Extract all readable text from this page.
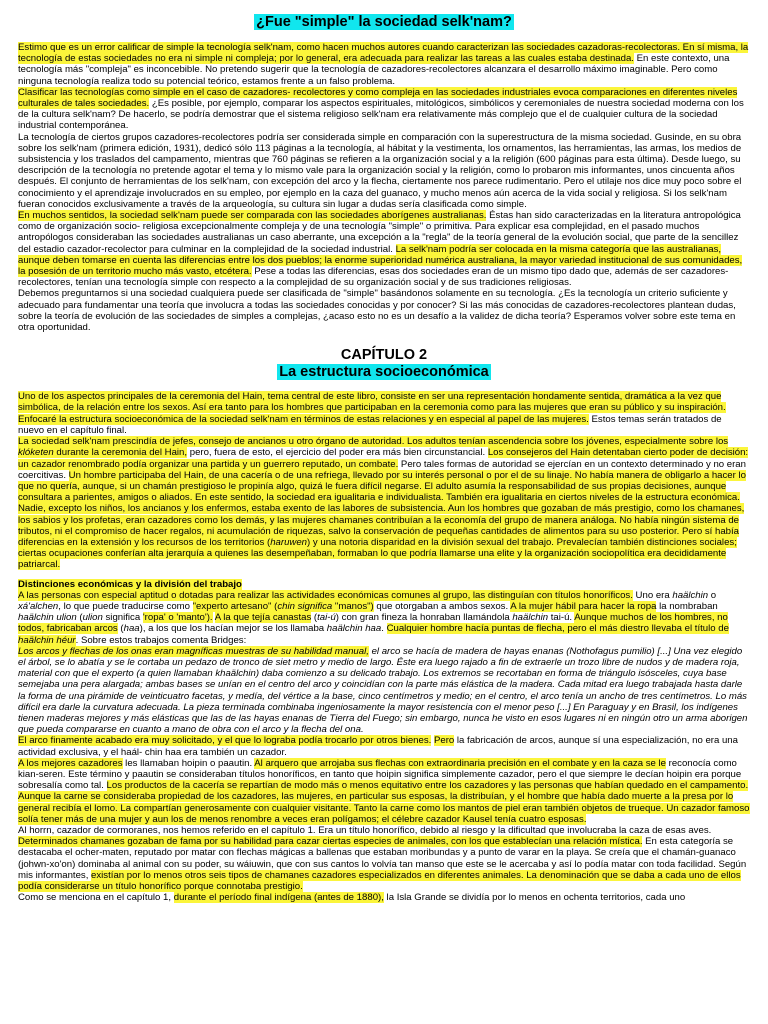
¿Fue "simple" la sociedad selk'nam?

Estimo que es un error calificar de simple la tecnología selk'nam, como hacen muchos autores cuando caracterizan las sociedades cazadoras-recolectoras. En sí misma, la tecnología de estas sociedades no era ni simple ni compleja; por lo general, era adecuada para realizar las tareas a las cuales estaba destinada. En este contexto, una tecnología más "compleja" es inconcebible. No pretendo sugerir que la tecnología de cazadores-recolectores alcanzara el desarrollo máximo imaginable. Pero como ninguna tecnología realiza todo su potencial teórico, estamos frente a un falso problema.

Clasificar las tecnologías como simple en el caso de cazadores- recolectores y como compleja en las sociedades industriales evoca comparaciones en diferentes niveles culturales de tales sociedades. ¿Es posible, por ejemplo, comparar los aspectos espirituales, mitológicos, simbólicos y ceremoniales de nuestra sociedad moderna con los de la cultura selk'nam? De hacerlo, se podría demostrar que el sistema religioso selk'nam era relativamente más complejo que el de cualquier cultura de la sociedad industrial contemporánea.

La tecnología de ciertos grupos cazadores-recolectores podría ser considerada simple en comparación con la superestructura de la misma sociedad. Gusinde, en su obra sobre los selk'nam (primera edición, 1931), dedicó sólo 113 páginas a la tecnología, al hábitat y la vestimenta, los ornamentos, las herramientas, las armas, los medios de subsistencia y los traslados del campamento, mientras que 760 páginas se refieren a la organización social y a la religión (600 páginas para esta última). Desde luego, su descripción de la tecnología no pretende agotar el tema y lo mismo vale para la organización social y la religión, como lo probaron mis informantes, unos cincuenta años después. El conjunto de herramientas de los selk'nam, con excepción del arco y la flecha, ciertamente nos parece rudimentario. Pero el utilaje nos dice muy poco sobre el conocimiento y el aprendizaje involucrados en su empleo, por ejemplo en la caza del guanaco, y mucho menos aún acerca de la vida social y religiosa. Si los selk'nam fueran conocidos exclusivamente a través de la arqueología, su cultura sin lugar a dudas sería clasificada como simple.

En muchos sentidos, la sociedad selk'nam puede ser comparada con las sociedades aborígenes australianas. Éstas han sido caracterizadas en la literatura antropológica como de organización socio- religiosa excepcionalmente compleja y de una tecnología "simple" o primitiva. Para explicar esa complejidad, en el pasado muchos antropólogos consideraban las sociedades australianas un caso aberrante, una excepción a la "regla" de la teoría general de la evolución social, que parte de la sencillez del estadio cazador-recolector para culminar en la complejidad de la sociedad industrial. La selk'nam podría ser colocada en la misma categoría que las australianas, aunque deben tomarse en cuenta las diferencias entre los dos pueblos; la enorme superioridad numérica australiana, la mayor variedad institucional de sus comunidades, la posesión de un territorio mucho más vasto, etcétera. Pese a todas las diferencias, esas dos sociedades eran de un mismo tipo dado que, además de ser cazadores-recolectores, tenían una tecnología simple con respecto a la complejidad de su organización social y de sus tradiciones religiosas.

Debemos preguntarnos si una sociedad cualquiera puede ser clasificada de "simple" basándonos solamente en su tecnología. ¿Es la tecnología un criterio suficiente y adecuado para fundamentar una teoría que involucra a todas las sociedades conocidas y por conocer? Si las más conocidas de cazadores-recolectores plantean dudas, sobre la teoría de evolución de las sociedades de simples a complejas, ¿acaso esto no es un desafío a la validez de dicha teoría? Esperamos volver sobre este tema en otra oportunidad.

CAPÍTULO 2
La estructura socioeconómica

Uno de los aspectos principales de la ceremonia del Hain, tema central de este libro, consiste en ser una representación hondamente sentida, dramática a la vez que simbólica, de la relación entre los sexos. Así era tanto para los hombres que participaban en la ceremonia como para las mujeres que eran su público y su inspiración. Enfocaré la estructura socioeconómica de la sociedad selk'nam en términos de estas relaciones y en especial al papel de las mujeres. Estos temas serán tratados de nuevo en el capítulo final.

La sociedad selk'nam prescindía de jefes, consejo de ancianos u otro órgano de autoridad. Los adultos tenían ascendencia sobre los jóvenes, especialmente sobre los klóketen durante la ceremonia del Hain, pero, fuera de esto, el ejercicio del poder era más bien circunstancial. Los consejeros del Hain detentaban cierto poder de decisión: un cazador renombrado podía organizar una partida y un guerrero reputado, un combate. Pero tales formas de autoridad se ejercían en un contexto determinado y no eran coercitivas. Un hombre participaba del Hain, de una cacería o de una refriega, llevado por su interés personal o por el de su linaje. No había manera de obligarlo a hacer lo que no quería, aunque, si un chamán prestigioso le propinía algo, quizá le fuera difícil negarse. El adulto asumía la responsabilidad de sus propias decisiones, aunque consultara a parientes, amigos o aliados. En este sentido, la sociedad era igualitaria e individualista. También era igualitaria en ciertos niveles de la estructura económica. Nadie, excepto los niños, los ancianos y los enfermos, estaba exento de las labores de subsistencia. Aun los hombres que gozaban de más prestigio, como los chamanes, los sabios y los profetas, eran cazadores como los demás, y las mujeres chamanes contribuían a la economía del grupo de manera análoga. No había ningún sistema de tributos, ni el compromiso de hacer regalos, ni acumulación de riquezas, salvo la conservación de pequeñas cantidades de alimentos para su uso posterior. Pero sí había diferencias en la extensión y los recursos de los territorios (haruwen) y una notoria disparidad en la división sexual del trabajo. Prevalecían también distinciones sociales; ciertas ocupaciones conferían alta jerarquía a quienes las desempeñaban, formaban lo que podría llamarse una elite y la organización sociopolítica era decididamente patriarcal.

Distinciones económicas y la división del trabajo

A las personas con especial aptitud o dotadas para realizar las actividades económicas comunes al grupo, las distinguían con títulos honoríficos. Uno era haälchin o xá'alchen, lo que puede traducirse como "experto artesano" (chin significa "manos") que otorgaban a ambos sexos. A la mujer hábil para hacer la ropa la nombraban haälchin ulion (ulion significa 'ropa' o 'manto'). A la que tejía canastas (tai-ú) con gran fineza la honraban llamándola haälchin tai-ú. Aunque muchos de los hombres, no todos, fabricaban arcos (haa), a los que los hacían mejor se los llamaba haälchin haa. Cualquier hombre hacía puntas de flecha, pero el más diestro llevaba el título de haälchin héur. Sobre estos trabajos comenta Bridges:

Los arcos y flechas de los onas eran magníficas muestras de su habilidad manual, el arco se hacía de madera de hayas enanas (Nothofagus pumilio) [...] Una vez elegido el árbol, se lo abatía y se le cortaba un pedazo de tronco de siet metro y medio de largo. Éste era luego rajado a fin de extraerle un trozo libre de nudos y de madera roja, material con que el experto (a quien llamaban khaälchin) daba comienzo a su delicado trabajo. Los extremos se recortaban en forma de triángulo isósceles, cuya base semejaba una pera alargada; ambas bases se unían en el centro del arco y coincidían con la parte más elástica de la madera. Cada mitad era luego trabajada hasta darle la forma de una pirámide de veinticuatro facetas, y medía, del vértice a la base, cinco centímetros y medio; en el centro, el arco tenía un ancho de tres centímetros. Lo más difícil era darle la curvatura adecuada. La pieza terminada combinaba ingeniosamente la mayor resistencia con el menor peso [...] En Paraguay y en Brasil, los indígenes tienen maderas mejores y más elásticas que las de las hayas enanas de Tierra del Fuego; sin embargo, nunca he visto en esos lugares ni en ningún otro un arma aborigen que pueda compararse en cuanto a mano de obra con el arco y la flecha del ona.

El arco finamente acabado era muy solicitado, y el que lo lograba podía trocarlo por otros bienes. Pero la fabricación de arcos, aunque sí una especialización, no era una actividad exclusiva, y el haál- chin haa era también un cazador.

A los mejores cazadores les llamaban hoipin o paautin. Al arquero que arrojaba sus flechas con extraordinaria precisión en el combate y en la caza se le reconocía como kian-seren. Este término y paautin se consideraban títulos honoríficos, en tanto que hoipin significa simplemente cazador, pero el que siempre le decían hoipin era porque sobresalía como tal. Los productos de la cacería se repartían de modo más o menos equitativo entre los cazadores y las personas que habían quedado en el campamento. Aunque la carne se consideraba propiedad de los cazadores, las mujeres, en particular sus esposas, la distribuían, y el hombre que había dado muerte a la presa por lo general recibía el lomo. La compartían generosamente con cualquier visitante. Tanto la carne como los mantos de piel eran también objetos de trueque. Un cazador famoso solía tener más de una mujer y aun los de menos renombre a veces eran polígamos; el célebre cazador Kausel tenía cuatro esposas.

Al horrn, cazador de cormoranes, nos hemos referido en el capítulo 1. Era un título honorífico, debido al riesgo y la dificultad que involucraba la caza de esas aves. Determinados chamanes gozaban de fama por su habilidad para cazar ciertas especies de animales, con los que establecían una relación mística. En esta categoría se destacaba el ocher-maten, reputado por matar con flechas mágicas a ballenas que estaban moribundas y a punto de varar en la playa. Se creía que el chamán-guanaco (johwn-xo'on) dominaba al animal con su poder, su wáiuwin, que con sus cantos lo volvía tan manso que este se le acercaba y así lo podía matar con toda facilidad. Según mis informantes, existían por lo menos otros seis tipos de chamanes cazadores especializados en diferentes animales. La denominación que se daba a cada uno de ellos podía considerarse un título honorífico porque connotaba prestigio.

Como se menciona en el capítulo 1, durante el período final indígena (antes de 1880), la Isla Grande se dividía por lo menos en ochenta territorios, cada uno
